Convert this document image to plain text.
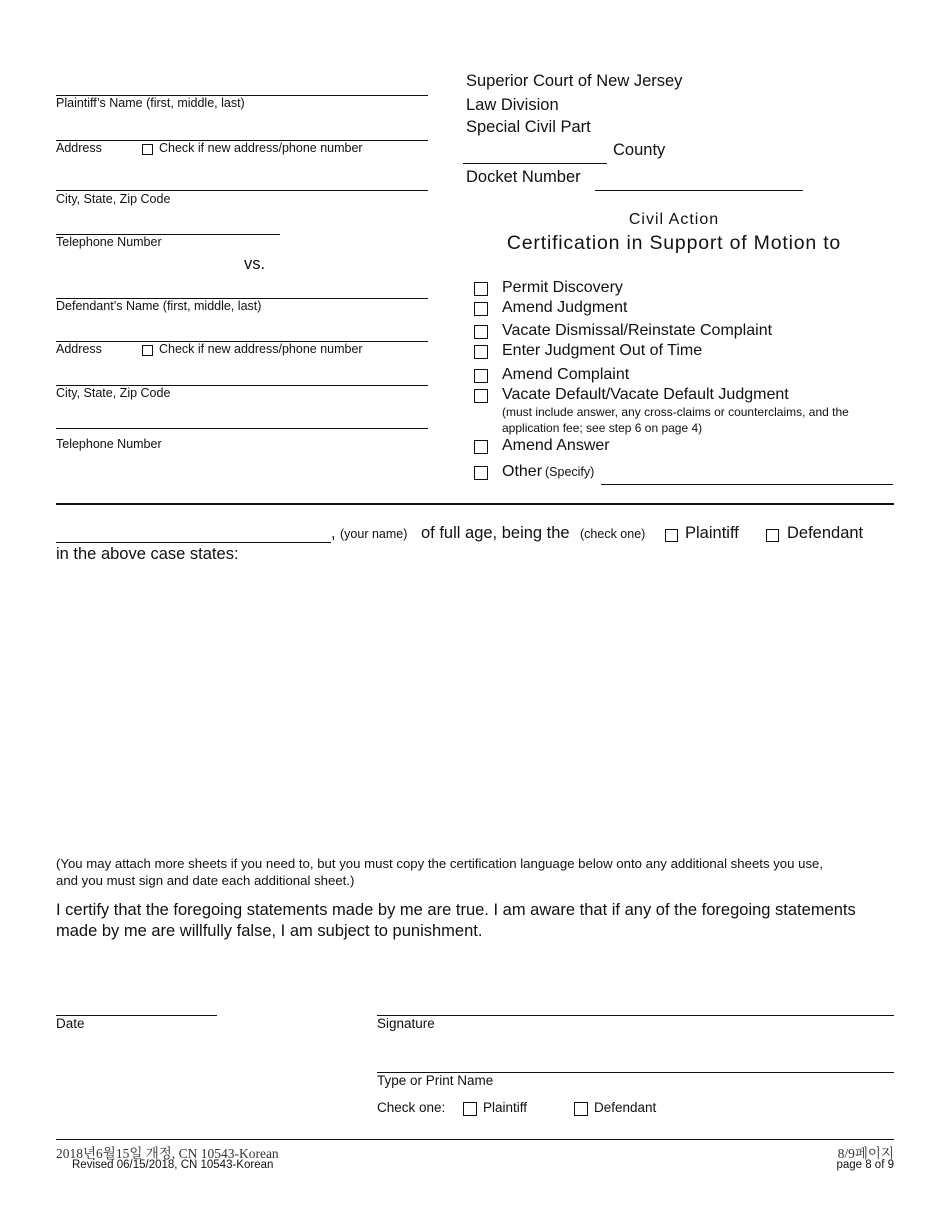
Plaintiff’s Name (first, middle, last)
Address	Check if new address/phone number
City, State, Zip Code
Telephone Number
vs.
Defendant’s Name (first, middle, last)
Address	Check if new address/phone number
City, State, Zip Code
Telephone Number
Superior Court of New Jersey
Law Division
Special Civil Part
County
Docket Number
Civil Action
Certification in Support of Motion to
Permit Discovery
Amend Judgment
Vacate Dismissal/Reinstate Complaint
Enter Judgment Out of Time
Amend Complaint
Vacate Default/Vacate Default Judgment
(must include answer, any cross-claims or counterclaims, and the
application fee; see step 6 on page 4)
Amend Answer
Other (Specify)
, (your name) of full age, being the (check one) Plaintiff	Defendant
in the above case states:
(You may attach more sheets if you need to, but you must copy the certification language below onto any additional sheets you use,
and you must sign and date each additional sheet.)
I certify that the foregoing statements made by me are true. I am aware that if any of the foregoing statements
made by me are willfully false, I am subject to punishment.
Date	Signature
Type or Print Name
Check one:	Plaintiff	Defendant
2018년6월15일 개정, CN 10543-Korean
Revised 06/15/2018, CN 10543-Korean
8/9페이지
page 8 of 9
